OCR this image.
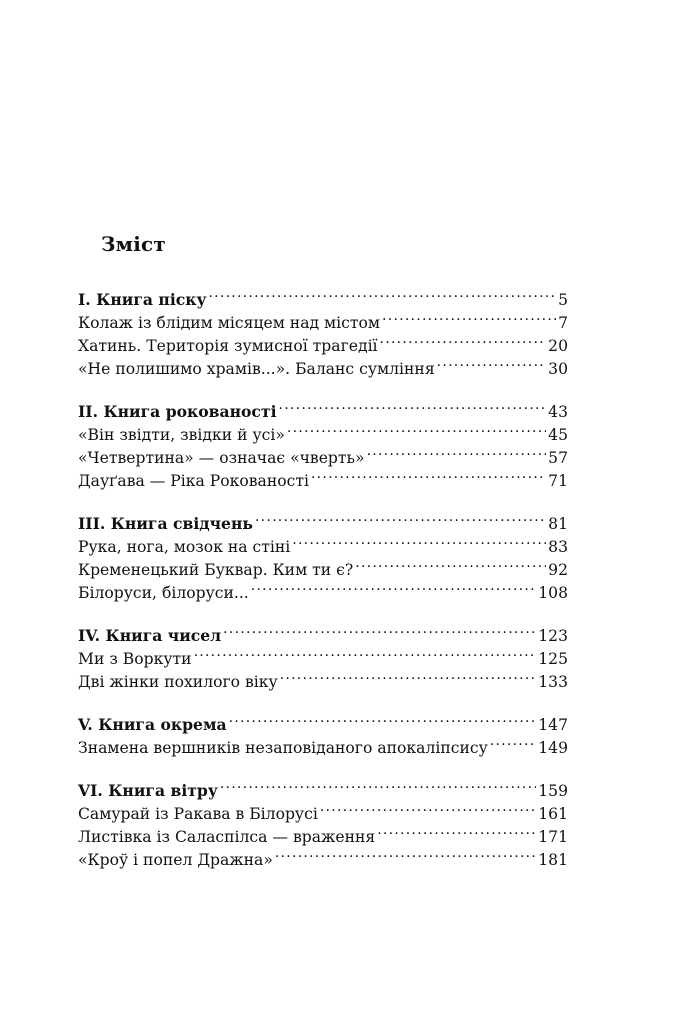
Зміст
I. Книга піску . . .	5
Колаж із блідим місяцем над містом . . .	7
Хатинь. Територія зумисної трагедії . . .	20
«Не полишимо храмів...». Баланс сумління . . .	30
II. Книга рокованості . . .	43
«Він звідти, звідки й усі» . . .	45
«Четвертина» — означає «чверть» . . .	57
Дауґава — Ріка Рокованості . . .	71
III. Книга свідчень . . .	81
Рука, нога, мозок на стіні . . .	83
Кременецький Буквар. Ким ти є? . . .	92
Білоруси, білоруси... . . .	108
IV. Книга чисел . . .	123
Ми з Воркути . . .	125
Дві жінки похилого віку . . .	133
V. Книга окрема . . .	147
Знамена вершників незаповіданого апокаліпсису . . .	149
VI. Книга вітру . . .	159
Самурай із Ракава в Білорусі . . .	161
Листівка із Саласпілса — враження . . .	171
«Кроў і попел Дражна» . . .	181
